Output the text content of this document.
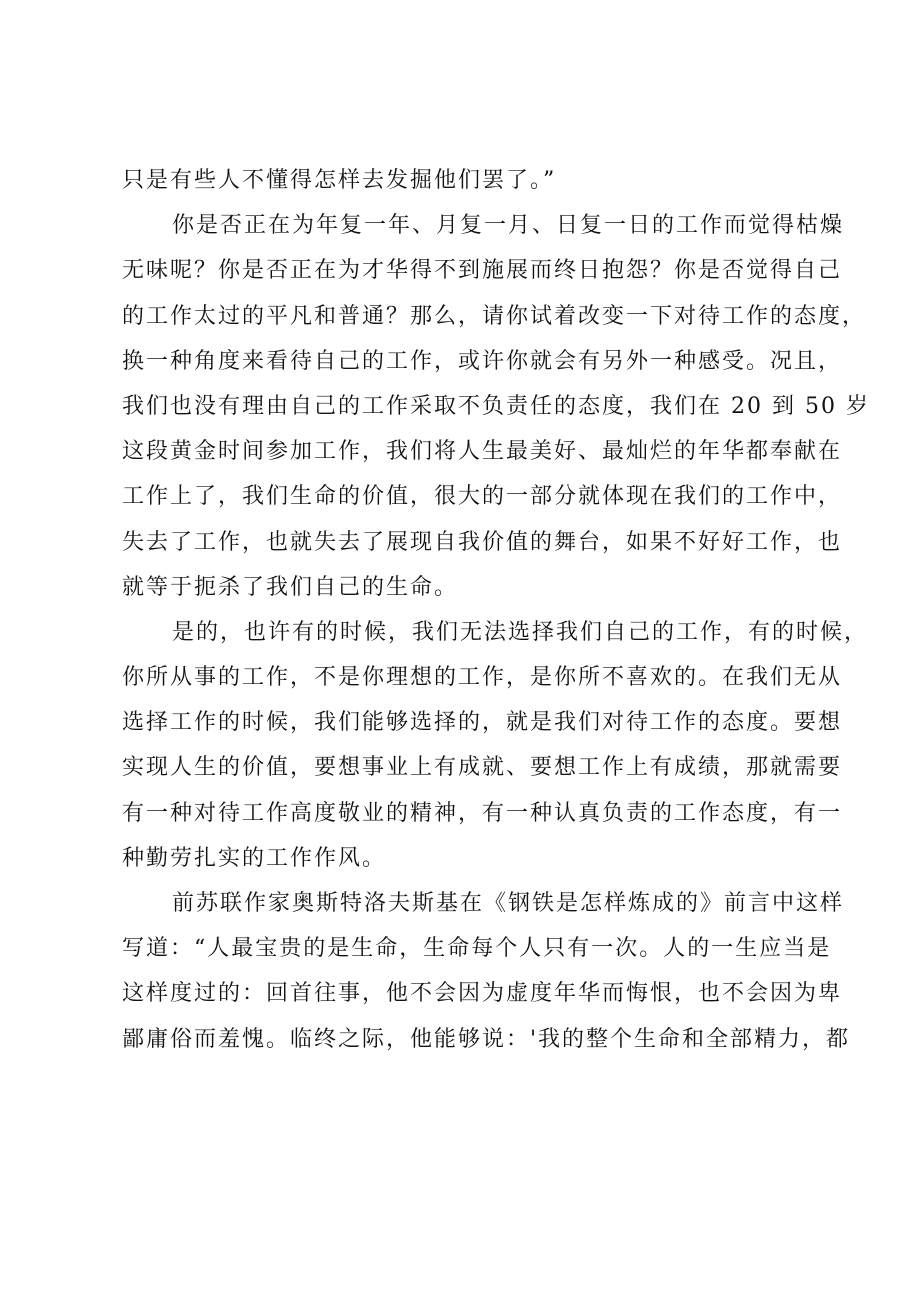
只是有些人不懂得怎样去发掘他们罢了。”
你是否正在为年复一年、月复一月、日复一日的工作而觉得枯燥
无味呢？你是否正在为才华得不到施展而终日抱怨？你是否觉得自己
的工作太过的平凡和普通？那么，请你试着改变一下对待工作的态度，
换一种角度来看待自己的工作，或许你就会有另外一种感受。况且，
我们也没有理由自己的工作采取不负责任的态度，我们在 20 到 50 岁
这段黄金时间参加工作，我们将人生最美好、最灿烂的年华都奉献在
工作上了，我们生命的价值，很大的一部分就体现在我们的工作中，
失去了工作，也就失去了展现自我价值的舞台，如果不好好工作，也
就等于扼杀了我们自己的生命。
是的，也许有的时候，我们无法选择我们自己的工作，有的时候，
你所从事的工作，不是你理想的工作，是你所不喜欢的。在我们无从
选择工作的时候，我们能够选择的，就是我们对待工作的态度。要想
实现人生的价值，要想事业上有成就、要想工作上有成绩，那就需要
有一种对待工作高度敬业的精神，有一种认真负责的工作态度，有一
种勤劳扎实的工作作风。
前苏联作家奥斯特洛夫斯基在《钢铁是怎样炼成的》前言中这样
写道：“人最宝贵的是生命，生命每个人只有一次。人的一生应当是
这样度过的：回首往事，他不会因为虚度年华而悔恨，也不会因为卑
鄙庸俗而羞愧。临终之际，他能够说：'我的整个生命和全部精力，都
